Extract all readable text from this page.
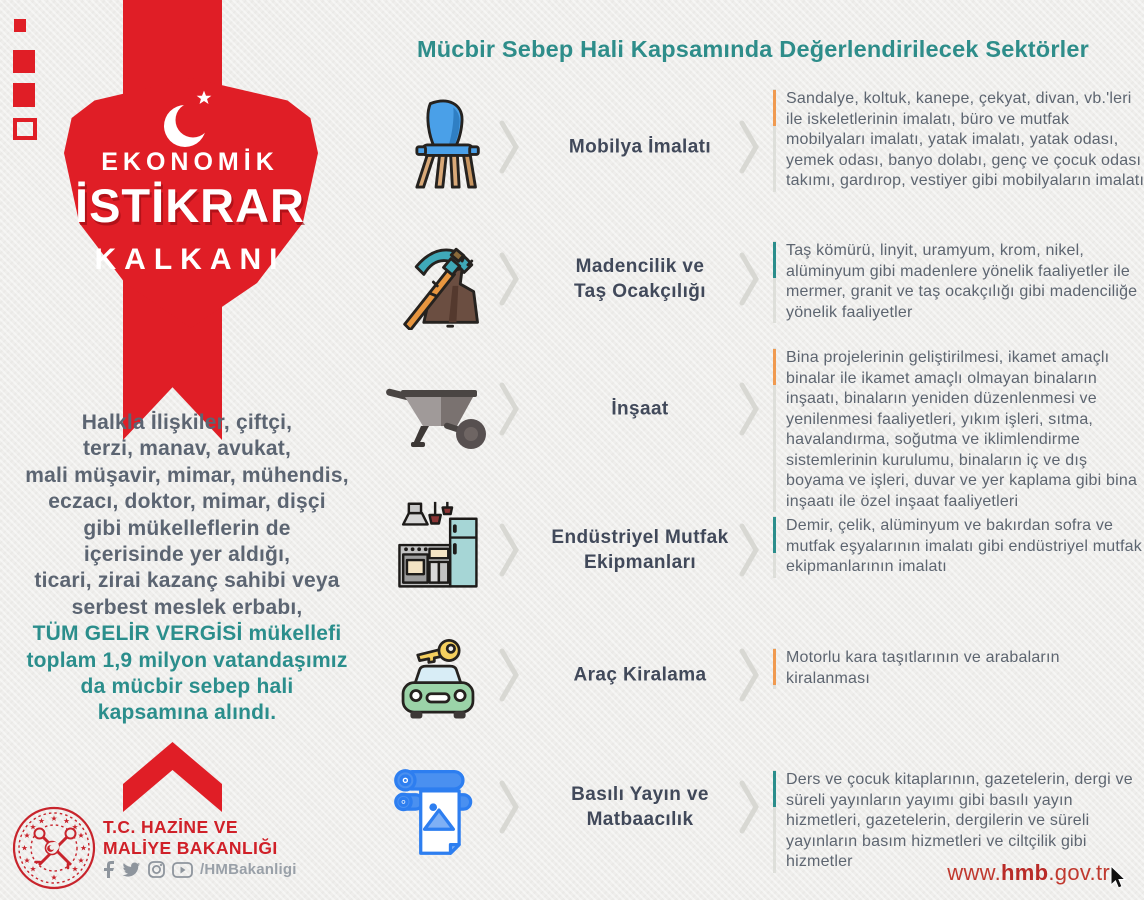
EKONOMİK
İSTİKRAR
KALKANI
Halkla İlişkiler, çiftçi,
terzi, manav, avukat,
mali müşavir, mimar, mühendis,
eczacı, doktor, mimar, dişçi
gibi mükelleflerin de
içerisinde yer aldığı,
ticari, zirai kazanç sahibi veya
serbest meslek erbabı,
TÜM GELİR VERGİSİ mükellefi
toplam 1,9 milyon vatandaşımız
da mücbir sebep hali
kapsamına alındı.
T.C. HAZİNE VE
MALİYE BAKANLIĞI
/HMBakanligi
Mücbir Sebep Hali Kapsamında Değerlendirilecek Sektörler
Mobilya İmalatı
Sandalye, koltuk, kanepe, çekyat, divan, vb.'leri ile iskeletlerinin imalatı, büro ve mutfak mobilyaları imalatı, yatak imalatı, yatak odası, yemek odası, banyo dolabı, genç ve çocuk odası takımı, gardırop, vestiyer gibi mobilyaların imalatı
Madencilik ve Taş Ocakçılığı
Taş kömürü, linyit, uramyum, krom, nikel, alüminyum gibi madenlere yönelik faaliyetler ile mermer, granit ve taş ocakçılığı gibi madenciliğe yönelik faaliyetler
İnşaat
Bina projelerinin geliştirilmesi, ikamet amaçlı binalar ile ikamet amaçlı olmayan binaların inşaatı, binaların yeniden düzenlenmesi ve yenilenmesi faaliyetleri, yıkım işleri, sıtma, havalandırma, soğutma ve iklimlendirme sistemlerinin kurulumu, binaların iç ve dış boyama ve işleri, duvar ve yer kaplama gibi bina inşaatı ile özel inşaat faaliyetleri
Endüstriyel Mutfak Ekipmanları
Demir, çelik, alüminyum ve bakırdan sofra ve mutfak eşyalarının imalatı gibi endüstriyel mutfak ekipmanlarının imalatı
Araç Kiralama
Motorlu kara taşıtlarının ve arabaların kiralanması
Basılı Yayın ve Matbaacılık
Ders ve çocuk kitaplarının, gazetelerin, dergi ve süreli yayınların yayımı gibi basılı yayın hizmetleri, gazetelerin, dergilerin ve süreli yayınların basım hizmetleri ve ciltçilik gibi hizmetler	www.hmb.gov.tr
